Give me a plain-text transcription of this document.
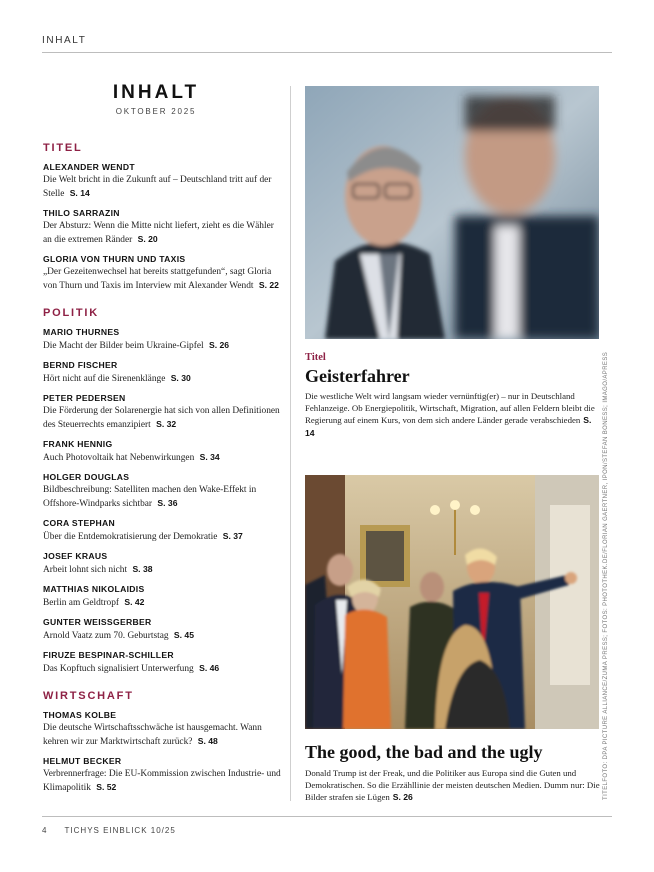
INHALT
INHALT
OKTOBER 2025
TITEL
ALEXANDER WENDT
Die Welt bricht in die Zukunft auf – Deutschland tritt auf der Stelle S. 14
THILO SARRAZIN
Der Absturz: Wenn die Mitte nicht liefert, zieht es die Wähler an die extremen Ränder S. 20
GLORIA VON THURN UND TAXIS
„Der Gezeitenwechsel hat bereits stattgefunden“, sagt Gloria von Thurn und Taxis im Interview mit Alexander Wendt S. 22
POLITIK
MARIO THURNES
Die Macht der Bilder beim Ukraine-Gipfel S. 26
BERND FISCHER
Hört nicht auf die Sirenenklänge S. 30
PETER PEDERSEN
Die Förderung der Solarenergie hat sich von allen Definitionen des Steuerrechts emanzipiert S. 32
FRANK HENNIG
Auch Photovoltaik hat Nebenwirkungen S. 34
HOLGER DOUGLAS
Bildbeschreibung: Satelliten machen den Wake-Effekt in Offshore-Windparks sichtbar S. 36
CORA STEPHAN
Über die Entdemokratisierung der Demokratie S. 37
JOSEF KRAUS
Arbeit lohnt sich nicht S. 38
MATTHIAS NIKOLAIDIS
Berlin am Geldtropf S. 42
GUNTER WEISSGERBER
Arnold Vaatz zum 70. Geburtstag S. 45
FIRUZE BESPINAR-SCHILLER
Das Kopftuch signalisiert Unterwerfung S. 46
WIRTSCHAFT
THOMAS KOLBE
Die deutsche Wirtschaftsschwäche ist hausgemacht. Wann kehren wir zur Marktwirtschaft zurück? S. 48
HELMUT BECKER
Verbrennerfrage: Die EU-Kommission zwischen Industrie- und Klimapolitik S. 52
Titel
Geisterfahrer
Die westliche Welt wird langsam wieder vernünftig(er) – nur in Deutschland Fehlanzeige. Ob Energiepolitik, Wirtschaft, Migration, auf allen Feldern bleibt die Regierung auf einem Kurs, von dem sich andere Länder gerade verabschieden S. 14
The good, the bad and the ugly
Donald Trump ist der Freak, und die Politiker aus Europa sind die Guten und Demokratischen. So die Erzähllinie der meisten deutschen Medien. Dumm nur: Die Bilder strafen sie Lügen S. 26	TITELFOTO: DPA PICTURE ALLIANCE/ZUMA PRESS; FOTOS: PHOTOTHEK.DE/FLORIAN GAERTNER, IPON/STEFAN BONESS; IMAGO/APRESS
4 TICHYS EINBLICK 10/25
